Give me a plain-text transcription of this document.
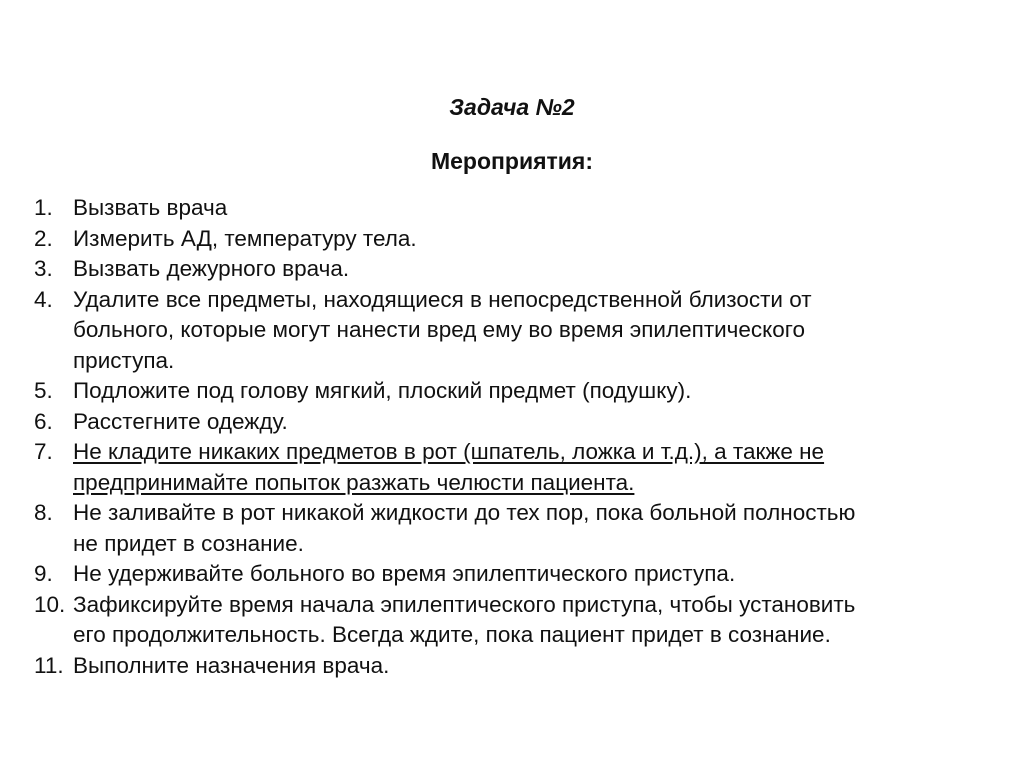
Задача №2
Мероприятия:
1. Вызвать врача
2. Измерить АД, температуру тела.
3. Вызвать дежурного врача.
4. Удалите все предметы, находящиеся в непосредственной близости от
больного, которые могут нанести вред ему во время эпилептического
приступа.
5. Подложите под голову мягкий, плоский предмет (подушку).
6. Расстегните одежду.
7. Не кладите никаких предметов в рот (шпатель, ложка и т.д.), а также не
предпринимайте попыток разжать челюсти пациента.
8. Не заливайте в рот никакой жидкости до тех пор, пока больной полностью
не придет в сознание.
9. Не удерживайте больного во время эпилептического приступа.
10. Зафиксируйте время начала эпилептического приступа, чтобы установить
его продолжительность. Всегда ждите, пока пациент придет в сознание.
11. Выполните назначения врача.
